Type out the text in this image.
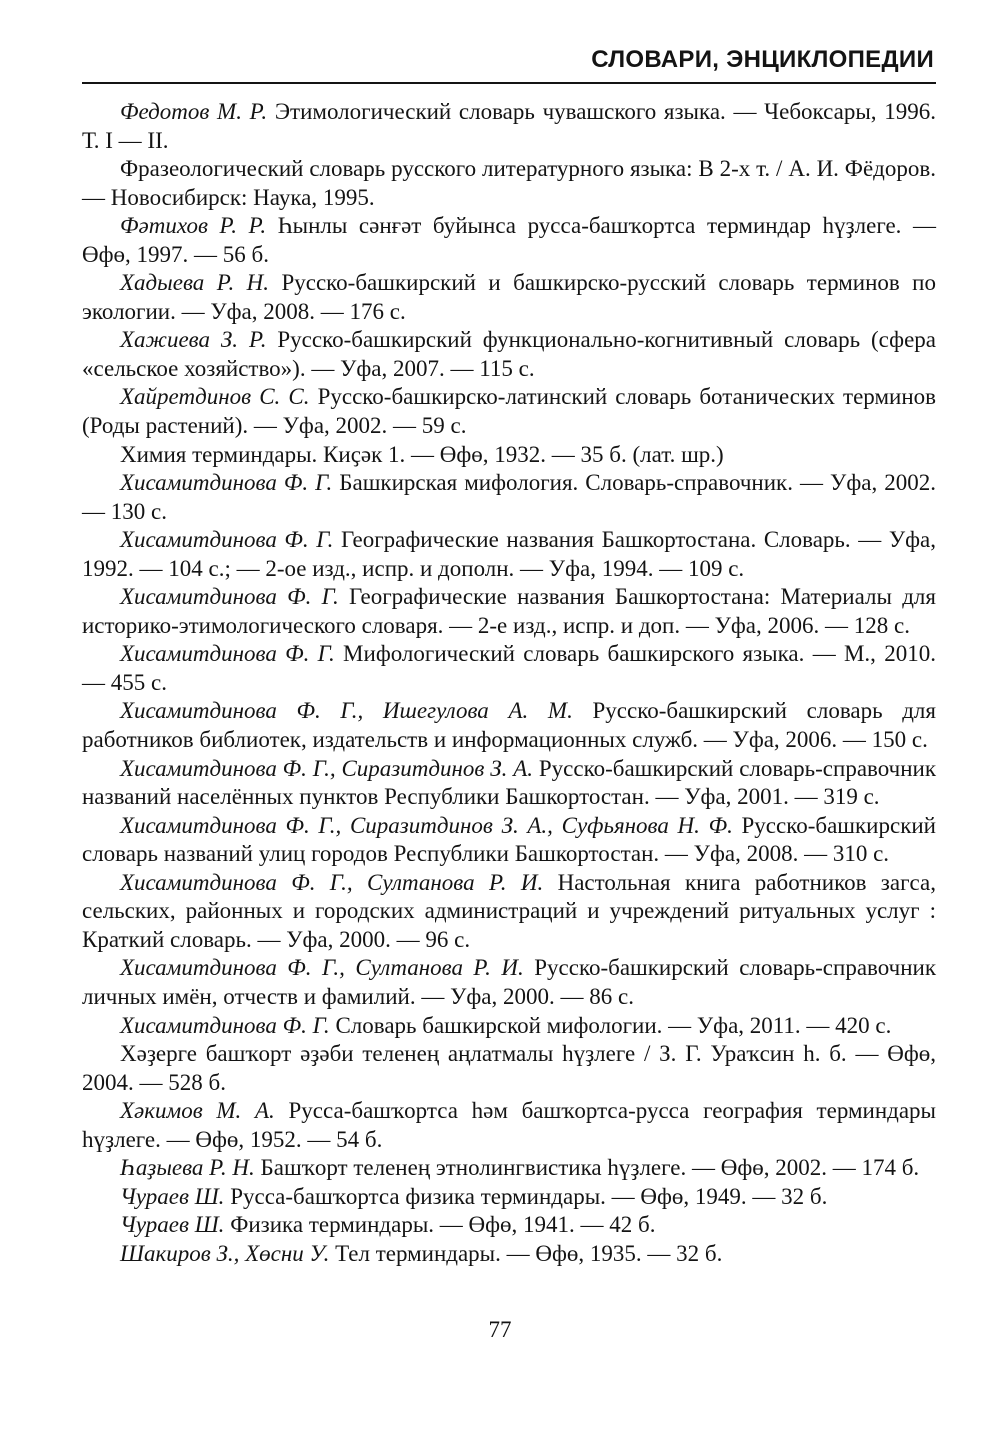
СЛОВАРИ, ЭНЦИКЛОПЕДИИ

Федотов М. Р. Этимологический словарь чувашского языка. — Чебоксары, 1996. Т. I — II.

Фразеологический словарь русского литературного языка: В 2-х т. / А. И. Фёдоров. — Новосибирск: Наука, 1995.

Фәтихов Р. Р. Һынлы сәнғәт буйынса русса-башҡортса терминдар һүҙлеге. — Өфө, 1997. — 56 б.

Хадыева Р. Н. Русско-башкирский и башкирско-русский словарь терминов по экологии. — Уфа, 2008. — 176 с.

Хажиева З. Р. Русско-башкирский функционально-когнитивный словарь (сфера «сельское хозяйство»). — Уфа, 2007. — 115 с.

Хайретдинов С. С. Русско-башкирско-латинский словарь ботанических терминов (Роды растений). — Уфа, 2002. — 59 с.

Химия терминдары. Киҫәк 1. — Өфө, 1932. — 35 б. (лат. шр.)

Хисамитдинова Ф. Г. Башкирская мифология. Словарь-справочник. — Уфа, 2002. — 130 с.

Хисамитдинова Ф. Г. Географические названия Башкортостана. Словарь. — Уфа, 1992. — 104 с.; — 2-ое изд., испр. и дополн. — Уфа, 1994. — 109 с.

Хисамитдинова Ф. Г. Географические названия Башкортостана: Материалы для историко-этимологического словаря. — 2-е изд., испр. и доп. — Уфа, 2006. — 128 с.

Хисамитдинова Ф. Г. Мифологический словарь башкирского языка. — М., 2010. — 455 с.

Хисамитдинова Ф. Г., Ишегулова А. М. Русско-башкирский словарь для работников библиотек, издательств и информационных служб. — Уфа, 2006. — 150 с.

Хисамитдинова Ф. Г., Сиразитдинов З. А. Русско-башкирский словарь-справочник названий населённых пунктов Республики Башкортостан. — Уфа, 2001. — 319 с.

Хисамитдинова Ф. Г., Сиразитдинов З. А., Суфьянова Н. Ф. Русско-башкирский словарь названий улиц городов Республики Башкортостан. — Уфа, 2008. — 310 с.

Хисамитдинова Ф. Г., Султанова Р. И. Настольная книга работников загса, сельских, районных и городских администраций и учреждений ритуальных услуг : Краткий словарь. — Уфа, 2000. — 96 с.

Хисамитдинова Ф. Г., Султанова Р. И. Русско-башкирский словарь-справочник личных имён, отчеств и фамилий. — Уфа, 2000. — 86 с.

Хисамитдинова Ф. Г. Словарь башкирской мифологии. — Уфа, 2011. — 420 с.

Хәҙерге башҡорт әҙәби теленең аңлатмалы һүҙлеге / З. Г. Ураҡсин һ. б. — Өфө, 2004. — 528 б.

Хәкимов М. А. Русса-башҡортса һәм башҡортса-русса география терминдары һүҙлеге. — Өфө, 1952. — 54 б.

Һаҙыева Р. Н. Башҡорт теленең этнолингвистика һүҙлеге. — Өфө, 2002. — 174 б.

Чураев Ш. Русса-башҡортса физика терминдары. — Өфө, 1949. — 32 б.

Чураев Ш. Физика терминдары. — Өфө, 1941. — 42 б.

Шакиров З., Хөсни У. Тел терминдары. — Өфө, 1935. — 32 б.

77
